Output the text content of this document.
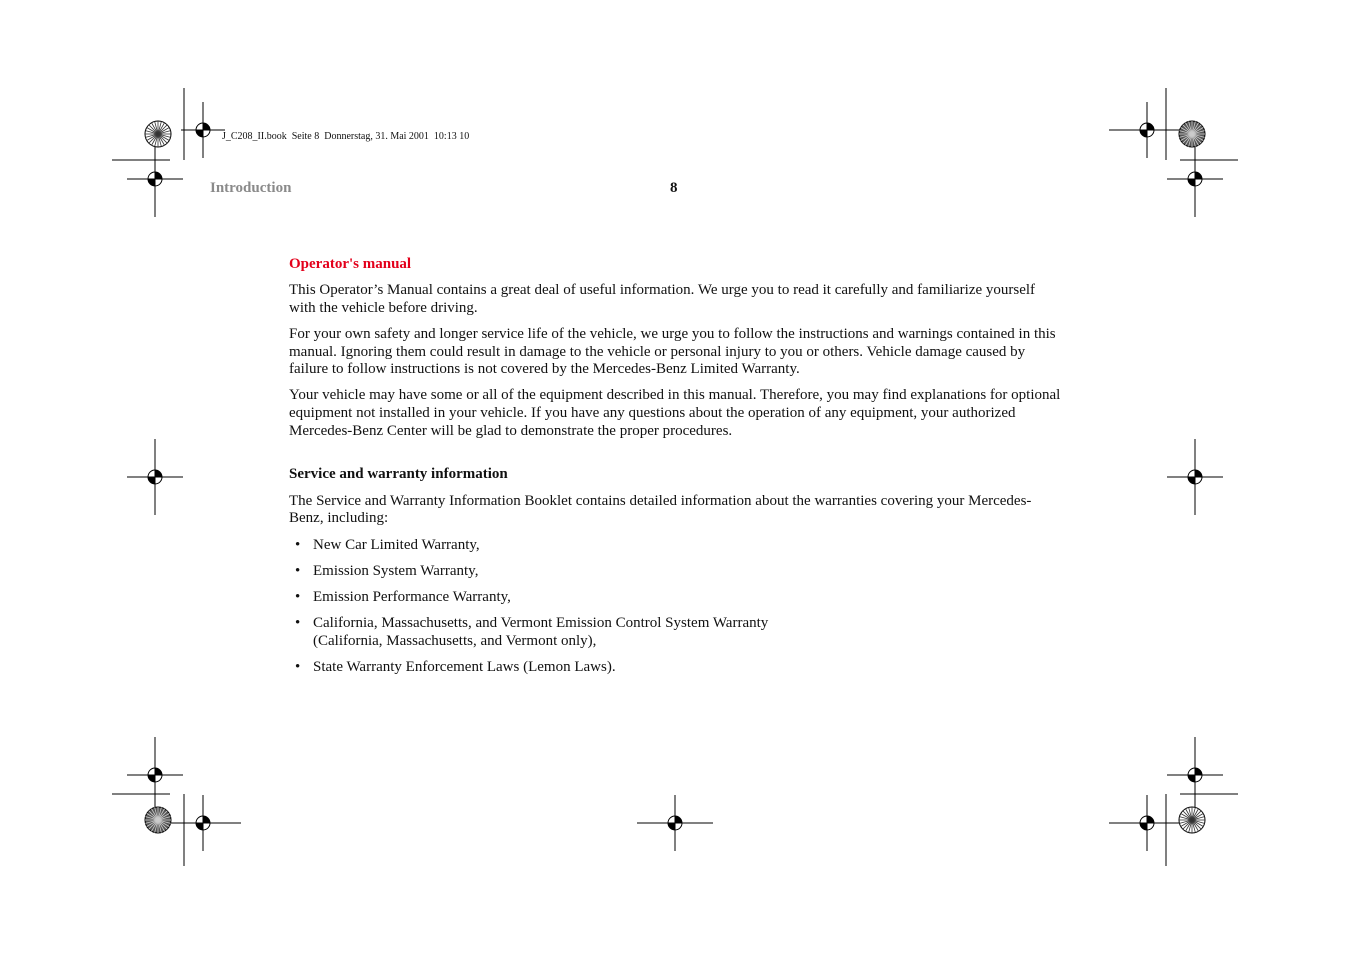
J_C208_II.book  Seite 8  Donnerstag, 31. Mai 2001  10:13 10
Introduction	8
Operator's manual

This Operator’s Manual contains a great deal of useful information. We urge you to read it carefully and familiarize yourself with the vehicle before driving.

For your own safety and longer service life of the vehicle, we urge you to follow the instructions and warnings contained in this manual. Ignoring them could result in damage to the vehicle or personal injury to you or others. Vehicle damage caused by failure to follow instructions is not covered by the Mercedes-Benz Limited Warranty.

Your vehicle may have some or all of the equipment described in this manual. Therefore, you may find explanations for optional equipment not installed in your vehicle. If you have any questions about the operation of any equipment, your authorized Mercedes-Benz Center will be glad to demonstrate the proper procedures.

Service and warranty information

The Service and Warranty Information Booklet contains detailed information about the warranties covering your Mercedes-Benz, including:

• New Car Limited Warranty,
• Emission System Warranty,
• Emission Performance Warranty,
• California, Massachusetts, and Vermont Emission Control System Warranty
(California, Massachusetts, and Vermont only),
• State Warranty Enforcement Laws (Lemon Laws).
